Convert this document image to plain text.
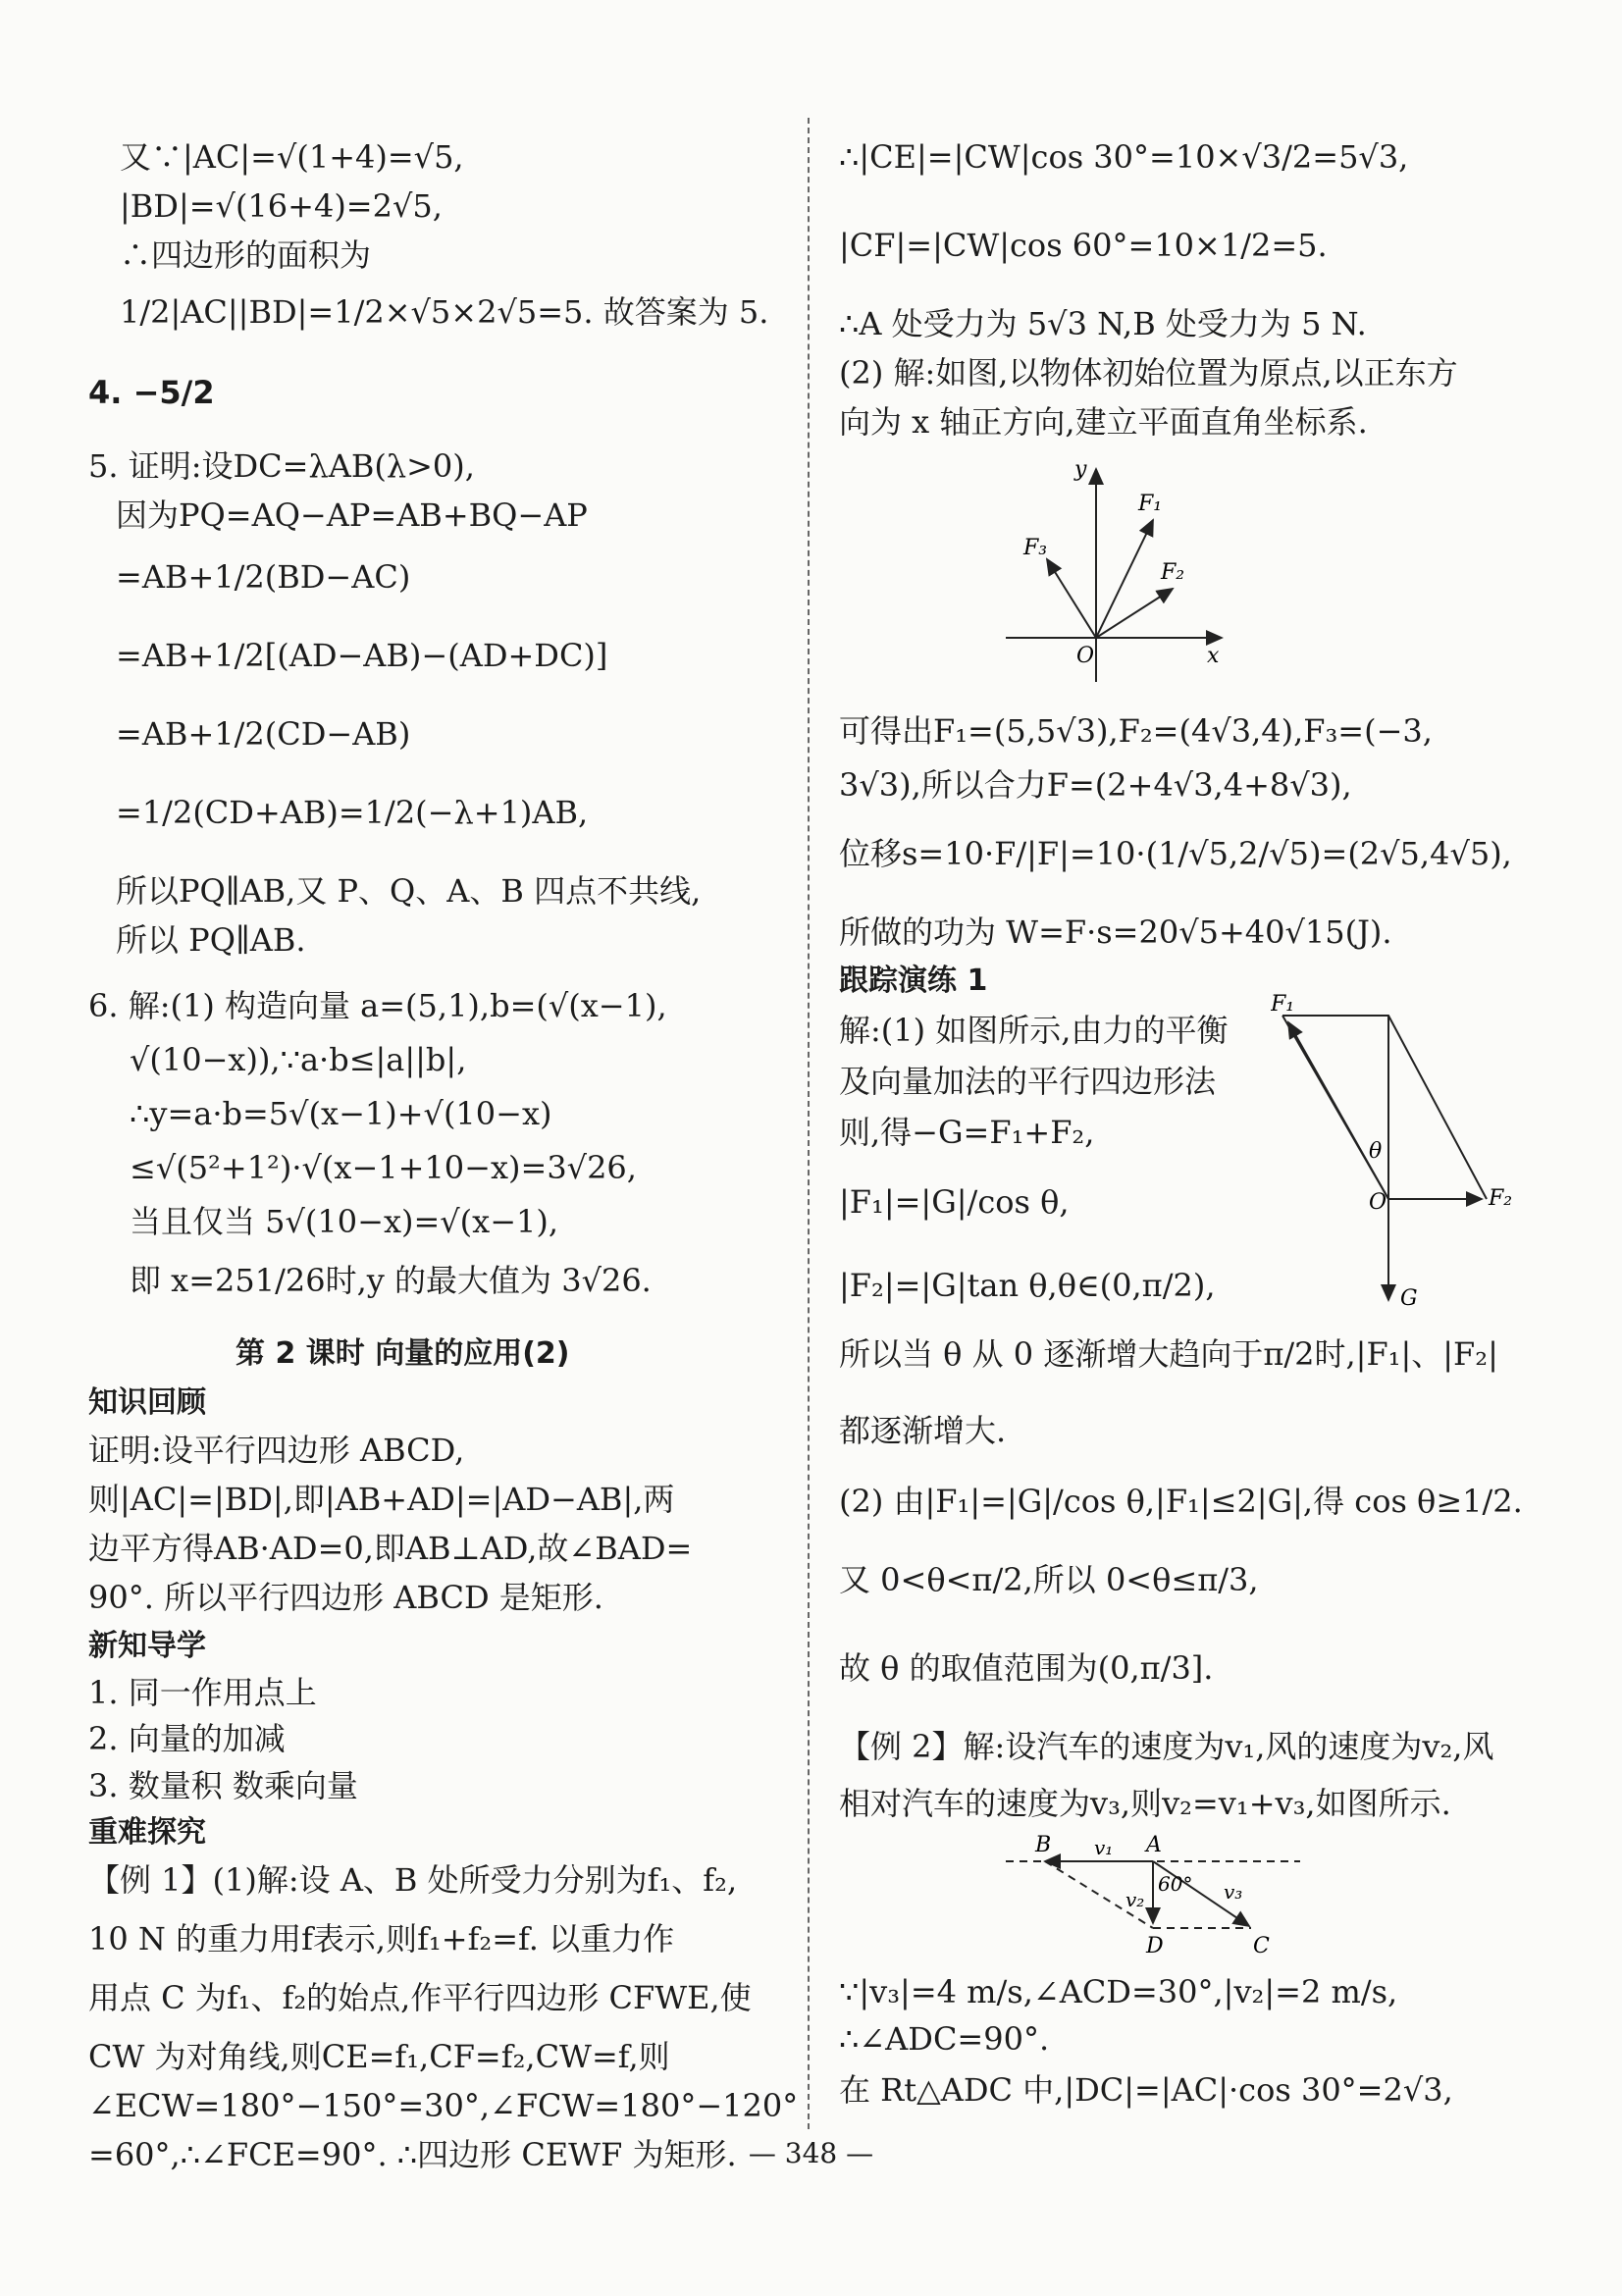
又∵|AC|=√(1+4)=√5,
|BD|=√(16+4)=2√5,
∴四边形的面积为
1/2|AC||BD|=1/2×√5×2√5=5. 故答案为 5.
4. −5/2
5. 证明:设DC=λAB(λ>0),
因为PQ=AQ−AP=AB+BQ−AP
=AB+1/2(BD−AC)
=AB+1/2[(AD−AB)−(AD+DC)]
=AB+1/2(CD−AB)
=1/2(CD+AB)=1/2(−λ+1)AB,
所以PQ∥AB,又 P、Q、A、B 四点不共线,
所以 PQ∥AB.
6. 解:(1) 构造向量 a=(5,1),b=(√(x−1),
√(10−x)),∵a·b≤|a||b|,
∴y=a·b=5√(x−1)+√(10−x)
≤√(5²+1²)·√(x−1+10−x)=3√26,
当且仅当 5√(10−x)=√(x−1),
即 x=251/26时,y 的最大值为 3√26.
第 2 课时 向量的应用(2)
知识回顾
证明:设平行四边形 ABCD,
则|AC|=|BD|,即|AB+AD|=|AD−AB|,两
边平方得AB·AD=0,即AB⊥AD,故∠BAD=
90°. 所以平行四边形 ABCD 是矩形.
新知导学
1. 同一作用点上
2. 向量的加减
3. 数量积 数乘向量
重难探究
【例 1】(1)解:设 A、B 处所受力分别为f₁、f₂,
10 N 的重力用f表示,则f₁+f₂=f. 以重力作
用点 C 为f₁、f₂的始点,作平行四边形 CFWE,使
CW 为对角线,则CE=f₁,CF=f₂,CW=f,则
∠ECW=180°−150°=30°,∠FCW=180°−120°
=60°,∴∠FCE=90°. ∴四边形 CEWF 为矩形.
∴|CE|=|CW|cos 30°=10×√3/2=5√3,
|CF|=|CW|cos 60°=10×1/2=5.
∴A 处受力为 5√3 N,B 处受力为 5 N.
(2) 解:如图,以物体初始位置为原点,以正东方
向为 x 轴正方向,建立平面直角坐标系.
y
x
O
F₁
F₂
F₃
可得出F₁=(5,5√3),F₂=(4√3,4),F₃=(−3,
3√3),所以合力F=(2+4√3,4+8√3),
位移s=10·F/|F|=10·(1/√5,2/√5)=(2√5,4√5),
所做的功为 W=F·s=20√5+40√15(J).
跟踪演练 1
解:(1) 如图所示,由力的平衡
及向量加法的平行四边形法
则,得−G=F₁+F₂,
|F₁|=|G|/cos θ,
|F₂|=|G|tan θ,θ∈(0,π/2),
F₁
F₂
O
G
θ
所以当 θ 从 0 逐渐增大趋向于π/2时,|F₁|、|F₂|
都逐渐增大.
(2) 由|F₁|=|G|/cos θ,|F₁|≤2|G|,得 cos θ≥1/2.
又 0<θ<π/2,所以 0<θ≤π/3,
故 θ 的取值范围为(0,π/3].
【例 2】解:设汽车的速度为v₁,风的速度为v₂,风
相对汽车的速度为v₃,则v₂=v₁+v₃,如图所示.
B	A
D	C
v₁
v₂	v₃
60°
∵|v₃|=4 m/s,∠ACD=30°,|v₂|=2 m/s,
∴∠ADC=90°.
在 Rt△ADC 中,|DC|=|AC|·cos 30°=2√3,
— 348 —
